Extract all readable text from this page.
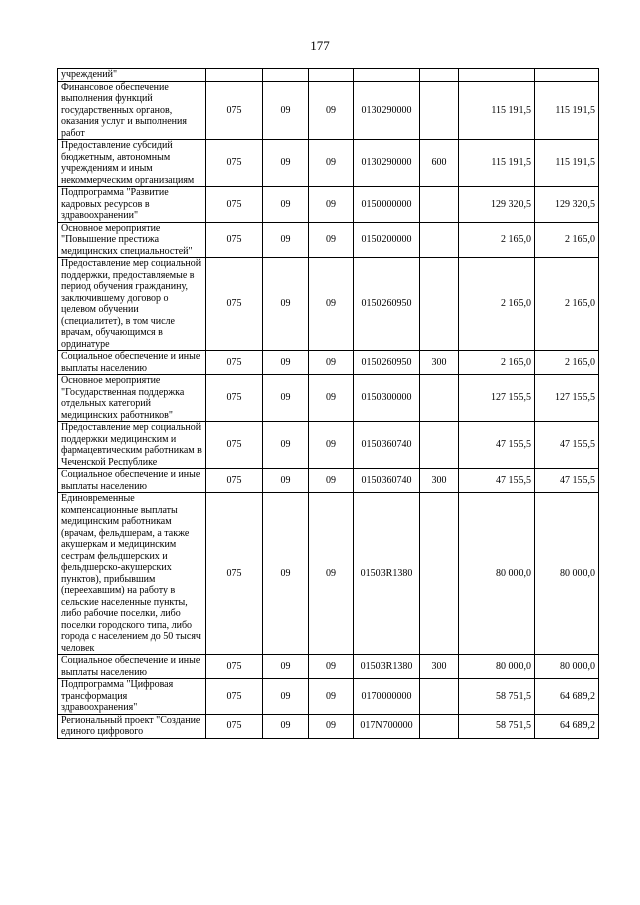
177
учреждений"							
Финансовое обеспечение выполнения функций государственных органов, оказания услуг и выполнения работ	075	09	09	0130290000		115 191,5	115 191,5
Предоставление субсидий бюджетным, автономным учреждениям и иным некоммерческим организациям	075	09	09	0130290000	600	115 191,5	115 191,5
Подпрограмма "Развитие кадровых ресурсов в здравоохранении"	075	09	09	0150000000		129 320,5	129 320,5
Основное мероприятие "Повышение престижа медицинских специальностей"	075	09	09	0150200000		2 165,0	2 165,0
Предоставление мер социальной поддержки, предоставляемые в период обучения гражданину, заключившему договор о целевом обучении (специалитет), в том числе врачам, обучающимся в ординатуре	075	09	09	0150260950		2 165,0	2 165,0
Социальное обеспечение и иные выплаты населению	075	09	09	0150260950	300	2 165,0	2 165,0
Основное мероприятие "Государственная поддержка отдельных категорий медицинских работников"	075	09	09	0150300000		127 155,5	127 155,5
Предоставление мер социальной поддержки медицинским и фармацевтическим работникам в Чеченской Республике	075	09	09	0150360740		47 155,5	47 155,5
Социальное обеспечение и иные выплаты населению	075	09	09	0150360740	300	47 155,5	47 155,5
Единовременные компенсационные выплаты медицинским работникам (врачам, фельдшерам, а также акушеркам и медицинским сестрам фельдшерских и фельдшерско-акушерских пунктов), прибывшим (переехавшим) на работу в сельские населенные пункты, либо рабочие поселки, либо поселки городского типа, либо города с населением до 50 тысяч человек	075	09	09	01503R1380		80 000,0	80 000,0
Социальное обеспечение и иные выплаты населению	075	09	09	01503R1380	300	80 000,0	80 000,0
Подпрограмма "Цифровая трансформация здравоохранения"	075	09	09	0170000000		58 751,5	64 689,2
Региональный проект "Создание единого цифрового	075	09	09	017N700000		58 751,5	64 689,2
